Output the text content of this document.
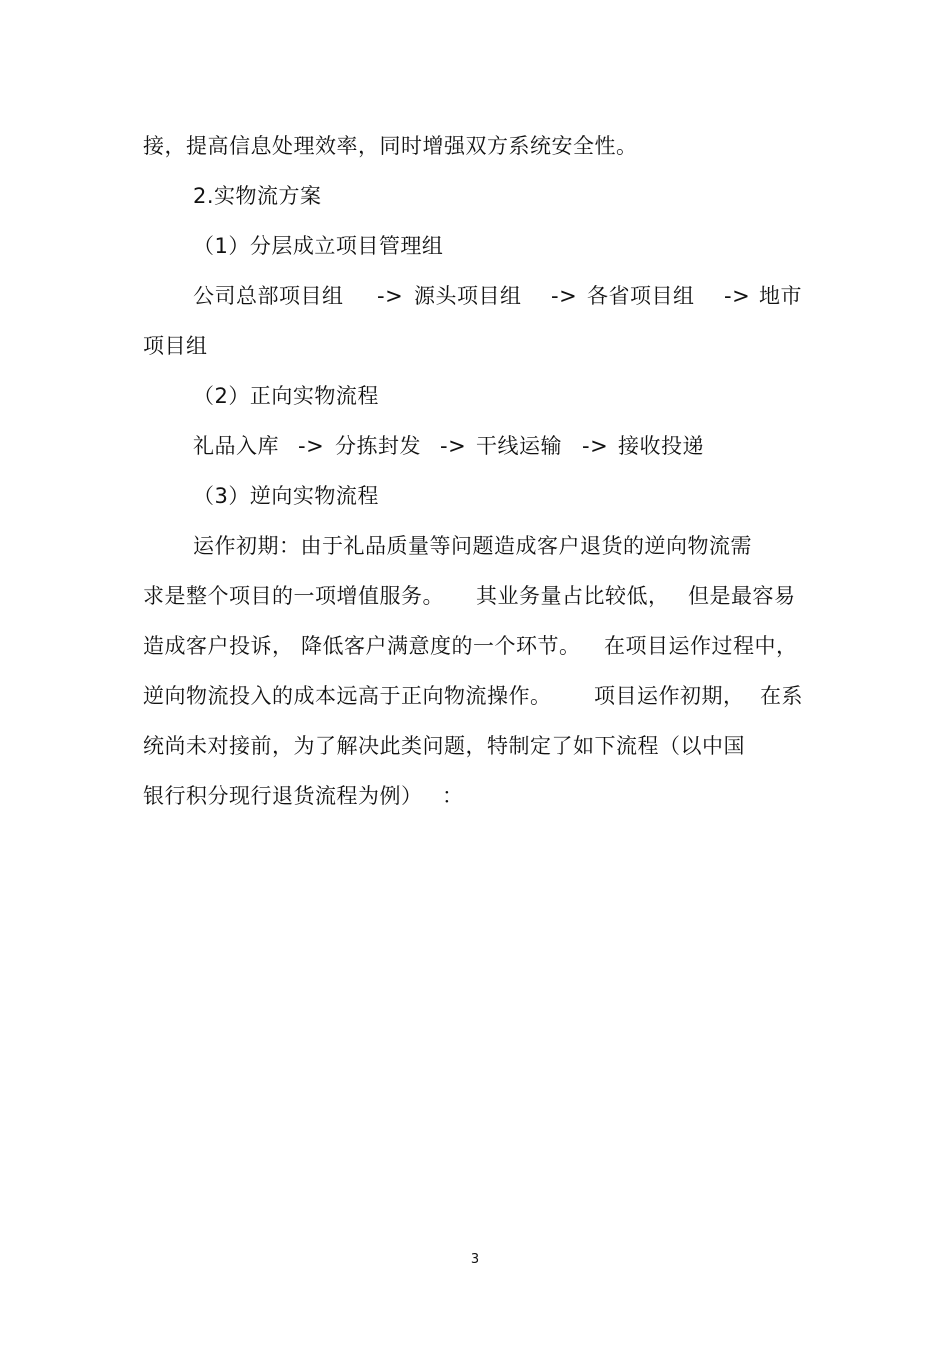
接，提高信息处理效率，同时增强双方系统安全性。
2.实物流方案
（1）分层成立项目管理组
公司总部项目组 -> 源头项目组 -> 各省项目组 -> 地市
项目组
（2）正向实物流程
礼品入库 -> 分拣封发 -> 干线运输 -> 接收投递
（3）逆向实物流程
运作初期：由于礼品质量等问题造成客户退货的逆向物流需
求是整个项目的一项增值服务。 其业务量占比较低， 但是最容易
造成客户投诉， 降低客户满意度的一个环节。 在项目运作过程中，
逆向物流投入的成本远高于正向物流操作。 项目运作初期， 在系
统尚未对接前，为了解决此类问题，特制定了如下流程（以中国
银行积分现行退货流程为例） ：
3
